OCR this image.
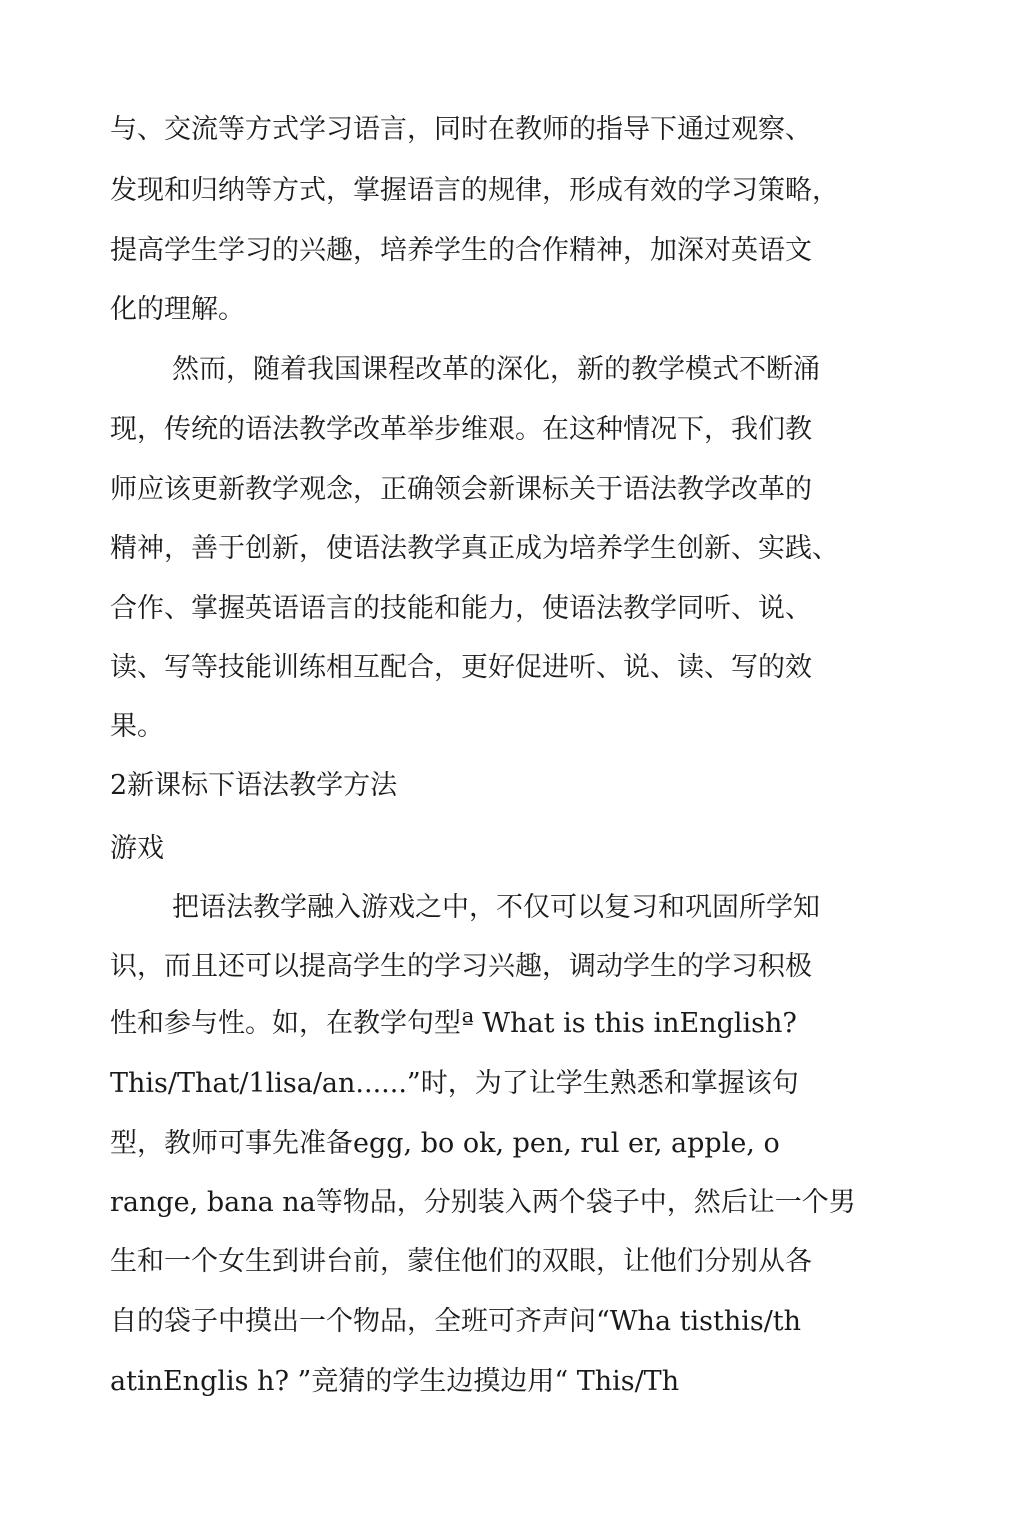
与、交流等方式学习语言，同时在教师的指导下通过观察、
发现和归纳等方式，掌握语言的规律，形成有效的学习策略，
提高学生学习的兴趣，培养学生的合作精神，加深对英语文
化的理解。
然而，随着我国课程改革的深化，新的教学模式不断涌
现，传统的语法教学改革举步维艰。在这种情况下，我们教
师应该更新教学观念，正确领会新课标关于语法教学改革的
精神，善于创新，使语法教学真正成为培养学生创新、实践、
合作、掌握英语语言的技能和能力，使语法教学同听、说、
读、写等技能训练相互配合，更好促进听、说、读、写的效
果。
2新课标下语法教学方法
游戏
把语法教学融入游戏之中，不仅可以复习和巩固所学知
识，而且还可以提高学生的学习兴趣，调动学生的学习积极
性和参与性。如，在教学句型ª What is this inEnglish?
This/That/1lisa/an......”时，为了让学生熟悉和掌握该句
型，教师可事先准备egg, bo ok, pen, rul er, apple, o
range, bana na等物品，分别装入两个袋子中，然后让一个男
生和一个女生到讲台前，蒙住他们的双眼，让他们分别从各
自的袋子中摸出一个物品，全班可齐声问“Wha tisthis/th
atinEnglis h? ”竞猜的学生边摸边用“ This/Th
